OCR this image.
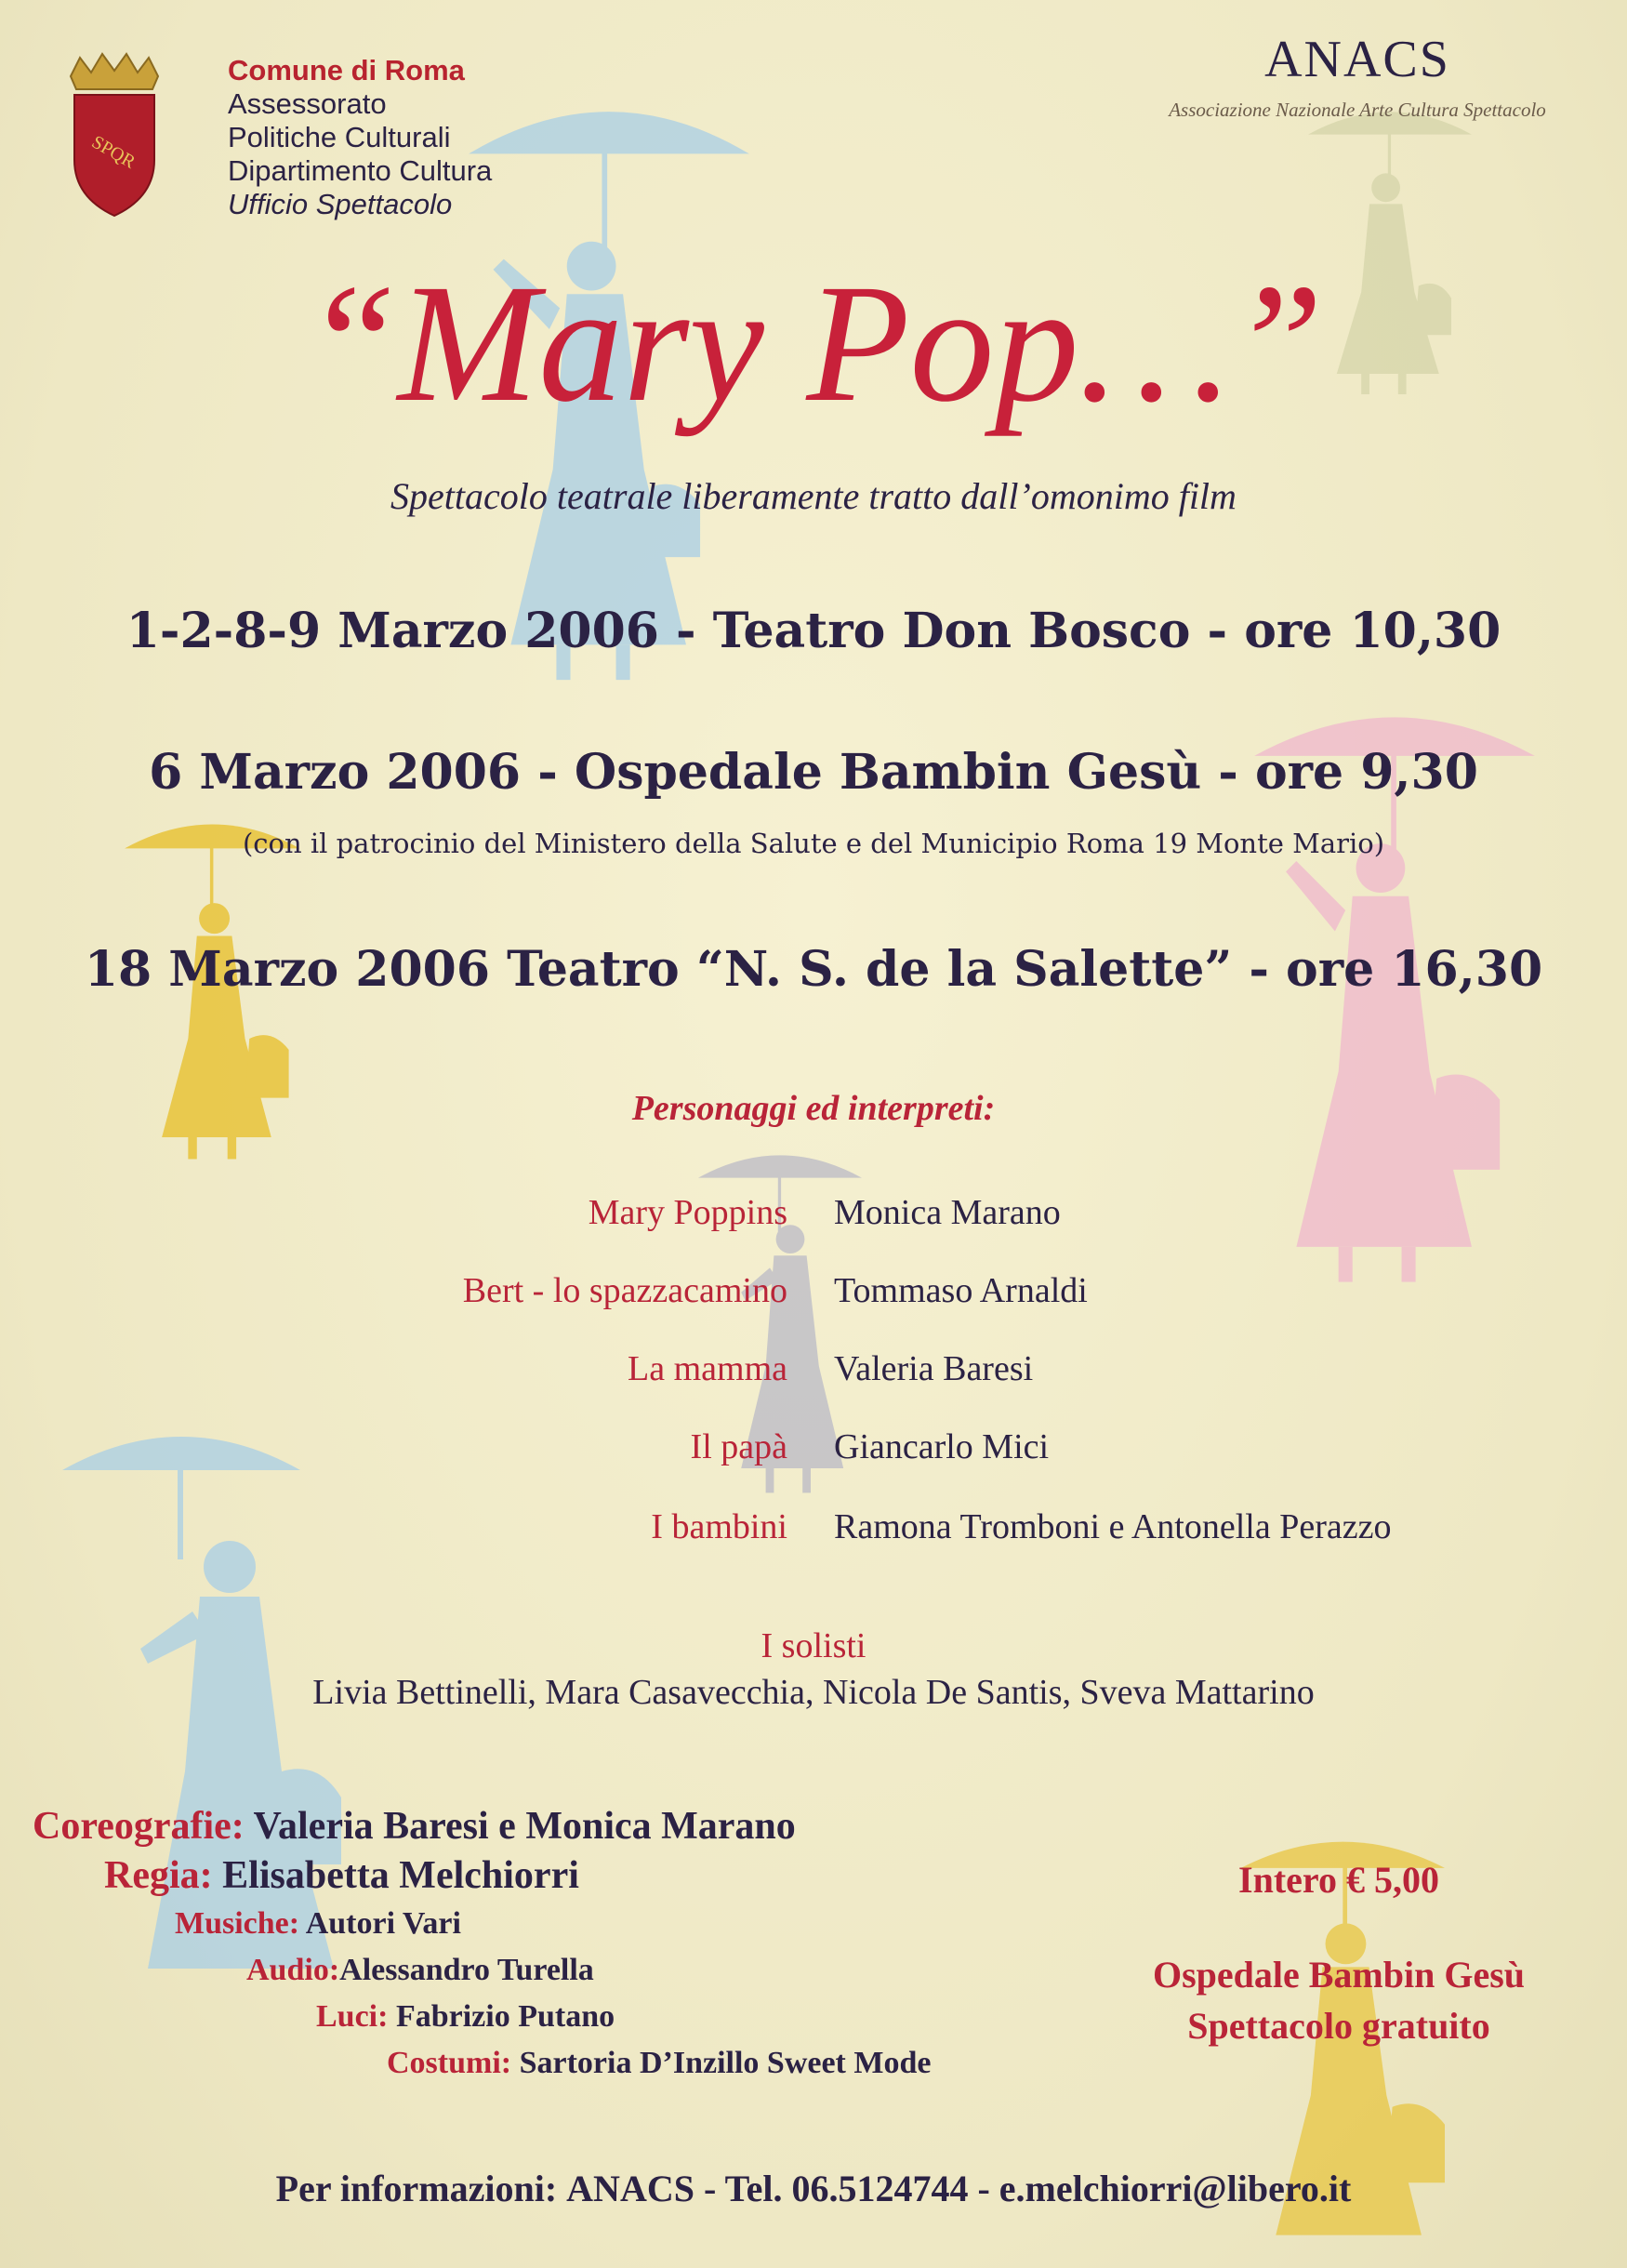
SPQR
Comune di Roma
Assessorato
Politiche Culturali
Dipartimento Cultura
Ufficio Spettacolo
ANACS
Associazione Nazionale Arte Cultura Spettacolo
“Mary Pop…”
Spettacolo teatrale liberamente tratto dall’omonimo film
1-2-8-9 Marzo 2006 - Teatro Don Bosco - ore 10,30
6 Marzo 2006 - Ospedale Bambin Gesù - ore 9,30
(con il patrocinio del Ministero della Salute e del Municipio Roma 19 Monte Mario)
18 Marzo 2006 Teatro “N. S. de la Salette” - ore 16,30
Personaggi ed interpreti:
Mary Poppins Monica Marano
Bert - lo spazzacamino Tommaso Arnaldi
La mamma Valeria Baresi
Il papà Giancarlo Mici
I bambini Ramona Tromboni e Antonella Perazzo
I solisti
Livia Bettinelli, Mara Casavecchia, Nicola De Santis, Sveva Mattarino
Coreografie: Valeria Baresi e Monica Marano
Regia: Elisabetta Melchiorri
Musiche: Autori Vari
Audio:Alessandro Turella
Luci: Fabrizio Putano
Costumi: Sartoria D’Inzillo Sweet Mode
Intero € 5,00
Ospedale Bambin Gesù
Spettacolo gratuito
Per informazioni: ANACS - Tel. 06.5124744 - e.melchiorri@libero.it
